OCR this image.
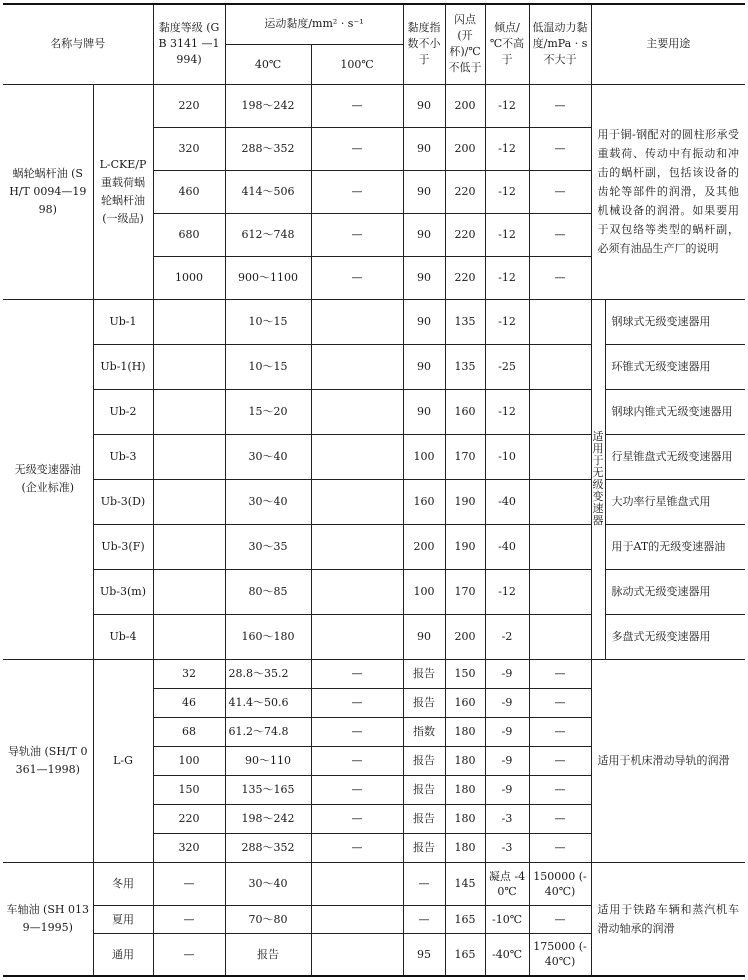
名称与牌号		黏度等级 (GB 3141 —1994)	运动黏度/mm² · s⁻¹		黏度指数不小于	闪点(开杯)/℃不低于	倾点/℃不高于	低温动力黏度/mPa · s不大于	主要用途	
			40℃	100℃						
蜗轮蜗杆油 (SH/T 0094—1998)	L-CKE/P 重载荷蜗轮蜗杆油 (一级品)	220	198～242	—	90	200	-12	—	用于铜-钢配对的圆柱形承受重载荷、传动中有振动和冲击的蜗杆副，包括该设备的齿轮等部件的润滑，及其他机械设备的润滑。如果要用于双包络等类型的蜗杆副，必须有油品生产厂的说明	
		320	288～352	—	90	200	-12	—		
		460	414～506	—	90	220	-12	—		
		680	612～748	—	90	220	-12	—		
		1000	900～1100	—	90	220	-12	—		
无级变速器油 (企业标准)	Ub-1		10～15		90	135	-12		适用于无级变速器	钢球式无级变速器用
	Ub-1(H)		10～15		90	135	-25			环锥式无级变速器用
	Ub-2		15～20		90	160	-12			钢球内锥式无级变速器用
	Ub-3		30～40		100	170	-10			行星锥盘式无级变速器用
	Ub-3(D)		30～40		160	190	-40			大功率行星锥盘式用
	Ub-3(F)		30～35		200	190	-40			用于AT的无级变速器油
	Ub-3(m)		80～85		100	170	-12			脉动式无级变速器用
	Ub-4		160～180		90	200	-2			多盘式无级变速器用
导轨油 (SH/T 0361—1998)	L-G	32	28.8～35.2	—	报告	150	-9	—	适用于机床滑动导轨的润滑	
		46	41.4～50.6	—	报告	160	-9	—		
		68	61.2～74.8	—	指数	180	-9	—		
		100	90～110	—	报告	180	-9	—		
		150	135～165	—	报告	180	-9	—		
		220	198～242	—	报告	180	-3	—		
		320	288～352	—	报告	180	-3	—		
车轴油 (SH 0139—1995)	冬用	—	30～40		—	145	凝点 -40℃	150000 (-40℃)	适用于铁路车辆和蒸汽机车滑动轴承的润滑	
	夏用	—	70～80		—	165	-10℃	—		
	通用	—	报告		95	165	-40℃	175000 (-40℃)		
